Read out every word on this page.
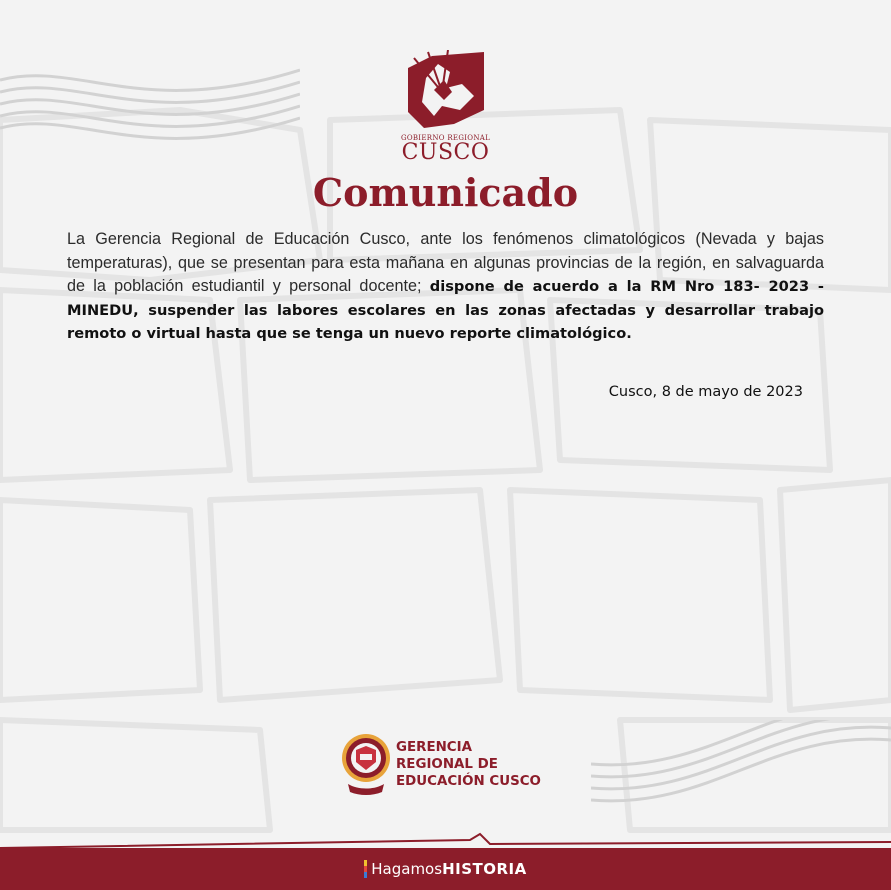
GOBIERNO REGIONAL
CUSCO
Comunicado

La Gerencia Regional de Educación Cusco, ante los fenómenos climatológicos (Nevada y bajas temperaturas), que se presentan para esta mañana en algunas provincias de la región, en salvaguarda de la población estudiantil y personal docente; dispone de acuerdo a la RM Nro 183- 2023 - MINEDU, suspender las labores escolares en las zonas afectadas y desarrollar trabajo remoto o virtual hasta que se tenga un nuevo reporte climatológico.

Cusco, 8 de mayo de 2023

GERENCIA
REGIONAL DE
EDUCACIÓN CUSCO
Hagamos HISTORIA
